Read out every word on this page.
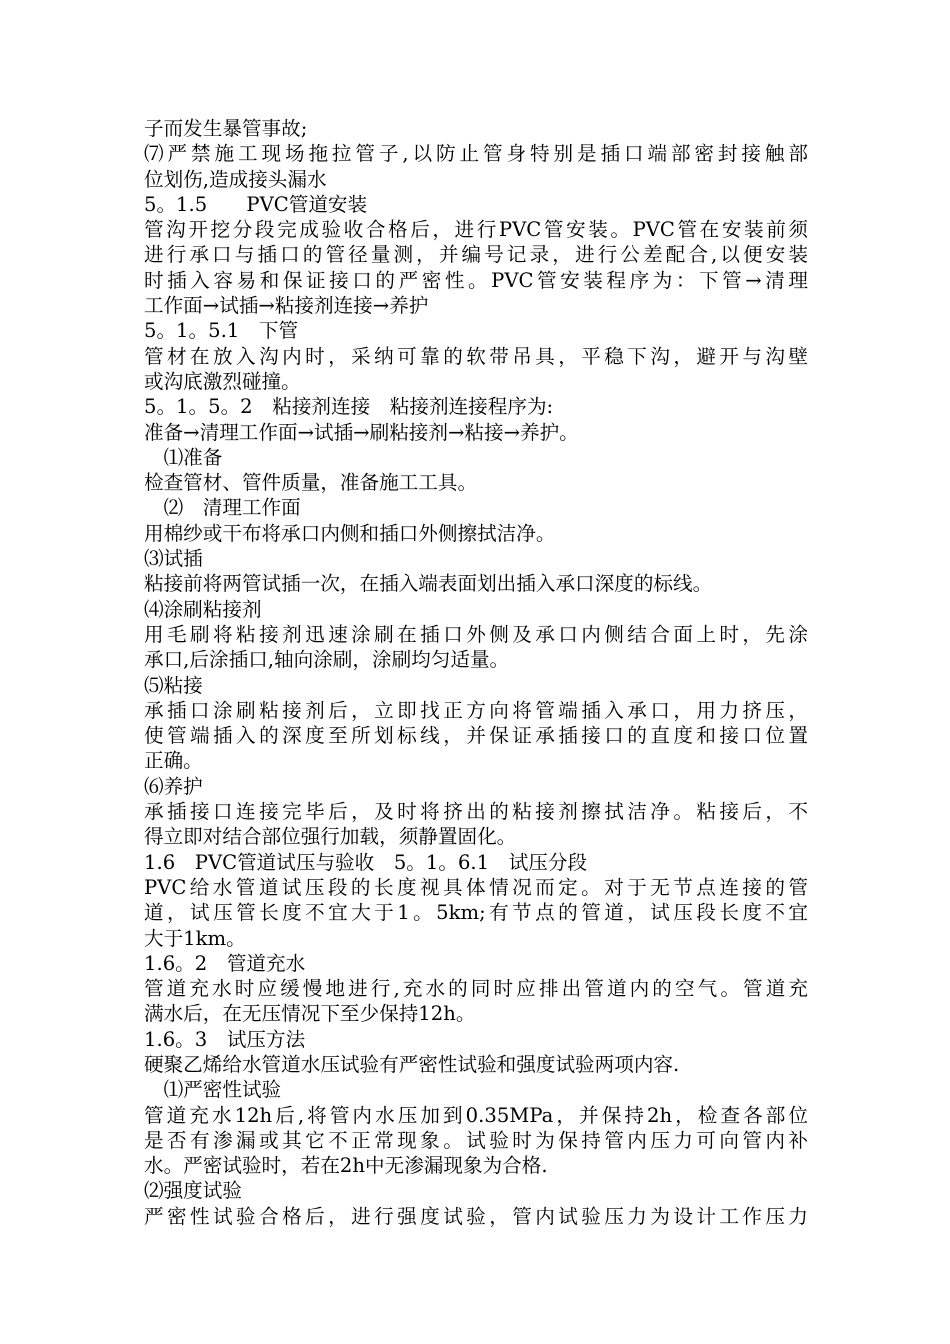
子而发生暴管事故;
⑺严禁施工现场拖拉管子,以防止管身特别是插口端部密封接触部
位划伤,造成接头漏水
5。1.5　　PVC管道安装
管沟开挖分段完成验收合格后，进行PVC管安装。PVC管在安装前须
进行承口与插口的管径量测，并编号记录，进行公差配合,以便安装
时插入容易和保证接口的严密性。PVC管安装程序为：下管→清理
工作面→试插→粘接剂连接→养护
5。1。5.1　下管
管材在放入沟内时，采纳可靠的软带吊具，平稳下沟，避开与沟壁
或沟底激烈碰撞。
5。1。5。2　粘接剂连接　粘接剂连接程序为:
准备→清理工作面→试插→刷粘接剂→粘接→养护。
　⑴准备
检查管材、管件质量，准备施工工具。
　⑵　清理工作面
用棉纱或干布将承口内侧和插口外侧擦拭洁净。
⑶试插
粘接前将两管试插一次，在插入端表面划出插入承口深度的标线。
⑷涂刷粘接剂
用毛刷将粘接剂迅速涂刷在插口外侧及承口内侧结合面上时，先涂
承口,后涂插口,轴向涂刷，涂刷均匀适量。
⑸粘接
承插口涂刷粘接剂后，立即找正方向将管端插入承口，用力挤压，
使管端插入的深度至所划标线，并保证承插接口的直度和接口位置
正确。
⑹养护
承插接口连接完毕后，及时将挤出的粘接剂擦拭洁净。粘接后，不
得立即对结合部位强行加载，须静置固化。
1.6　PVC管道试压与验收　5。1。6.1　试压分段
PVC给水管道试压段的长度视具体情况而定。对于无节点连接的管
道，试压管长度不宜大于1。5km;有节点的管道，试压段长度不宜
大于1km。
1.6。2　管道充水
管道充水时应缓慢地进行,充水的同时应排出管道内的空气。管道充
满水后，在无压情况下至少保持12h。
1.6。3　试压方法
硬聚乙烯给水管道水压试验有严密性试验和强度试验两项内容.
　⑴严密性试验
管道充水12h后,将管内水压加到0.35MPa，并保持2h，检查各部位
是否有渗漏或其它不正常现象。试验时为保持管内压力可向管内补
水。严密试验时，若在2h中无渗漏现象为合格.
⑵强度试验
严密性试验合格后，进行强度试验，管内试验压力为设计工作压力
